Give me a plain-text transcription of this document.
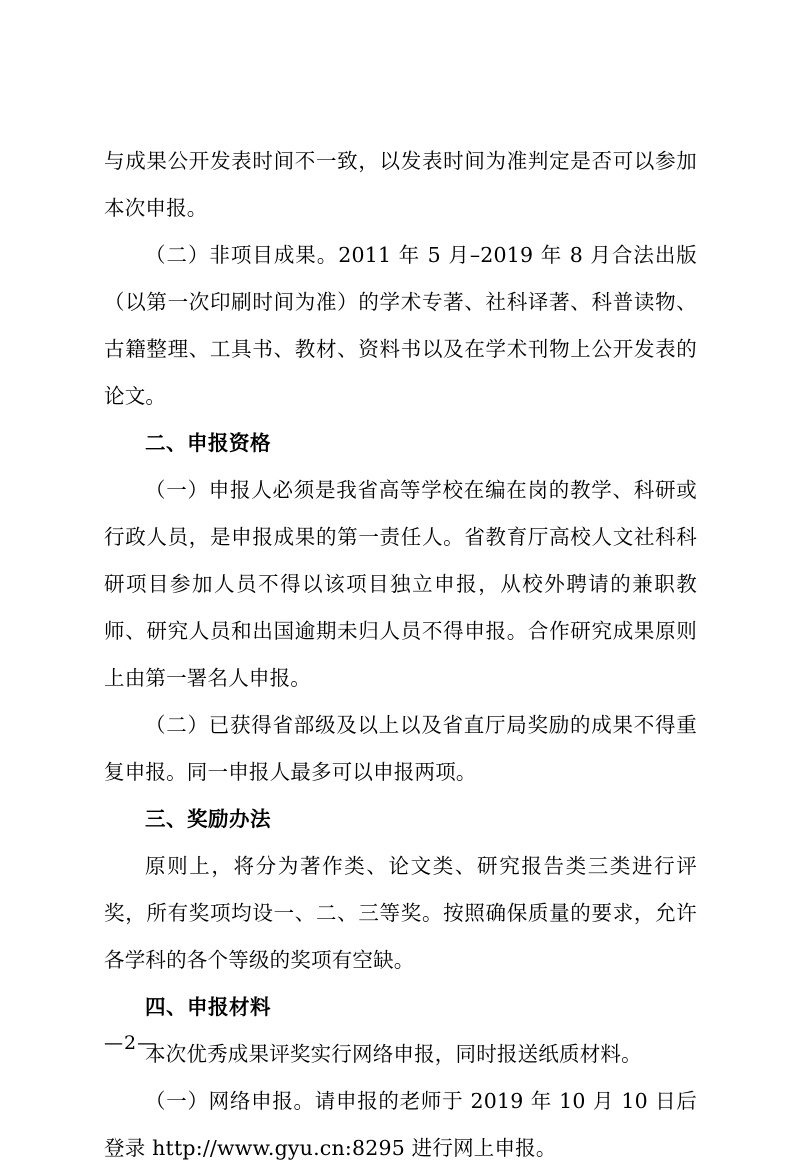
与成果公开发表时间不一致，以发表时间为准判定是否可以参加本次申报。

（二）非项目成果。2011 年 5 月–2019 年 8 月合法出版（以第一次印刷时间为准）的学术专著、社科译著、科普读物、古籍整理、工具书、教材、资料书以及在学术刊物上公开发表的论文。

二、申报资格

（一）申报人必须是我省高等学校在编在岗的教学、科研或行政人员，是申报成果的第一责任人。省教育厅高校人文社科科研项目参加人员不得以该项目独立申报，从校外聘请的兼职教师、研究人员和出国逾期未归人员不得申报。合作研究成果原则上由第一署名人申报。

（二）已获得省部级及以上以及省直厅局奖励的成果不得重复申报。同一申报人最多可以申报两项。

三、奖励办法

原则上，将分为著作类、论文类、研究报告类三类进行评奖，所有奖项均设一、二、三等奖。按照确保质量的要求，允许各学科的各个等级的奖项有空缺。

四、申报材料

本次优秀成果评奖实行网络申报，同时报送纸质材料。

（一）网络申报。请申报的老师于 2019 年 10 月 10 日后登录 http://www.gyu.cn:8295 进行网上申报。

—2—
